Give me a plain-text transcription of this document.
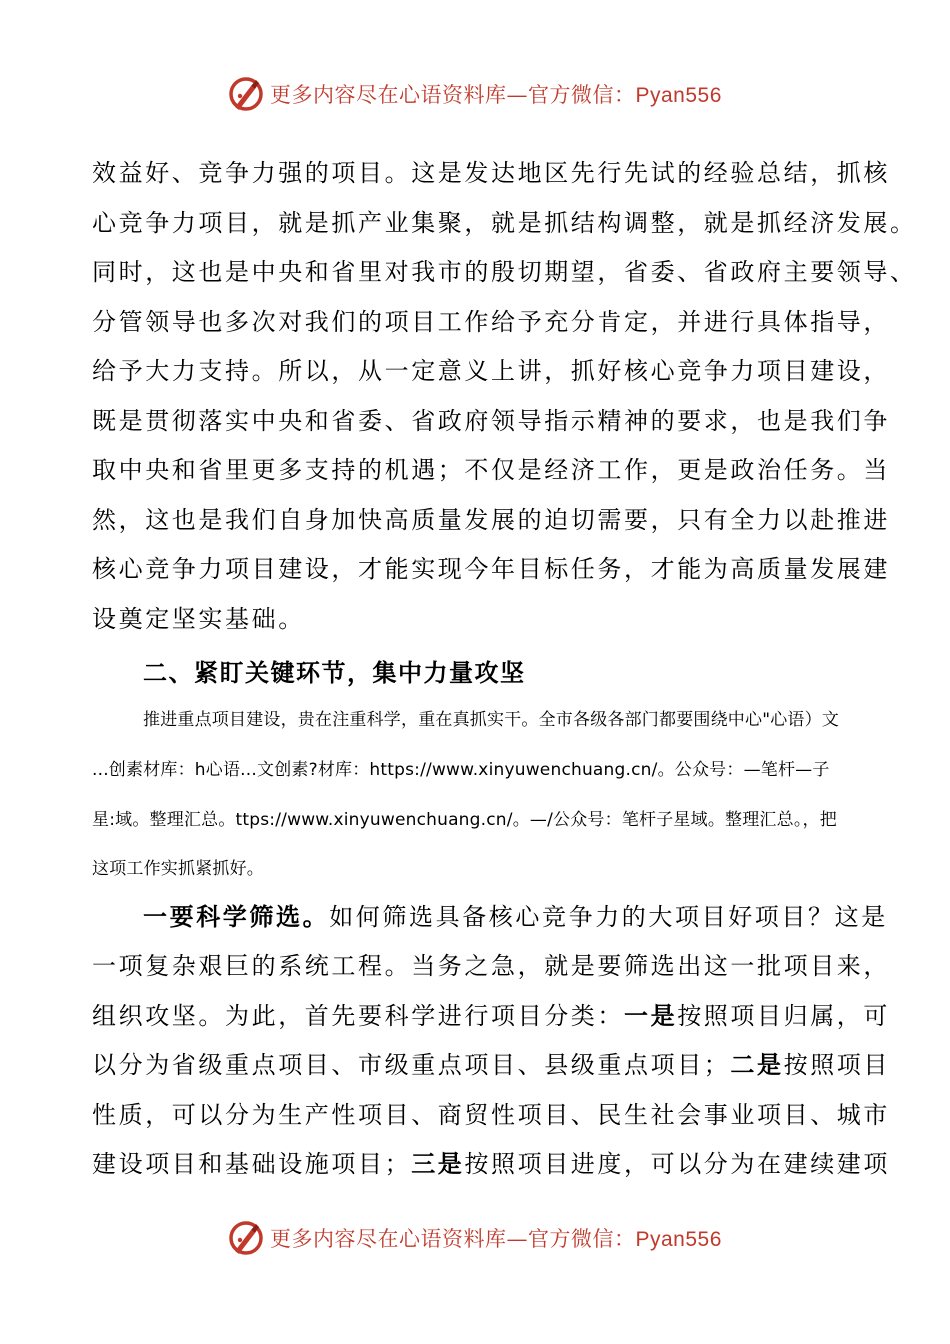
更多内容尽在心语资料库—官方微信：Pyan556
效益好、竞争力强的项目。这是发达地区先行先试的经验总结，抓核
心竞争力项目，就是抓产业集聚，就是抓结构调整，就是抓经济发展。
同时，这也是中央和省里对我市的殷切期望，省委、省政府主要领导、
分管领导也多次对我们的项目工作给予充分肯定，并进行具体指导，
给予大力支持。所以，从一定意义上讲，抓好核心竞争力项目建设，
既是贯彻落实中央和省委、省政府领导指示精神的要求，也是我们争
取中央和省里更多支持的机遇；不仅是经济工作，更是政治任务。当
然，这也是我们自身加快高质量发展的迫切需要，只有全力以赴推进
核心竞争力项目建设，才能实现今年目标任务，才能为高质量发展建
设奠定坚实基础。
二、紧盯关键环节，集中力量攻坚
推进重点项目建设，贵在注重科学，重在真抓实干。全市各级各部门都要围绕中心"心语）文
...创素材库：h心语...文创素?材库：https://www.xinyuwenchuang.cn/。公众号：—笔杆—子
星:域。整理汇总。ttps://www.xinyuwenchuang.cn/。—/公众号：笔杆子星域。整理汇总。，把
这项工作实抓紧抓好。
一要科学筛选。如何筛选具备核心竞争力的大项目好项目？这是
一项复杂艰巨的系统工程。当务之急，就是要筛选出这一批项目来，
组织攻坚。为此，首先要科学进行项目分类：一是按照项目归属，可
以分为省级重点项目、市级重点项目、县级重点项目；二是按照项目
性质，可以分为生产性项目、商贸性项目、民生社会事业项目、城市
建设项目和基础设施项目；三是按照项目进度，可以分为在建续建项
更多内容尽在心语资料库—官方微信：Pyan556
